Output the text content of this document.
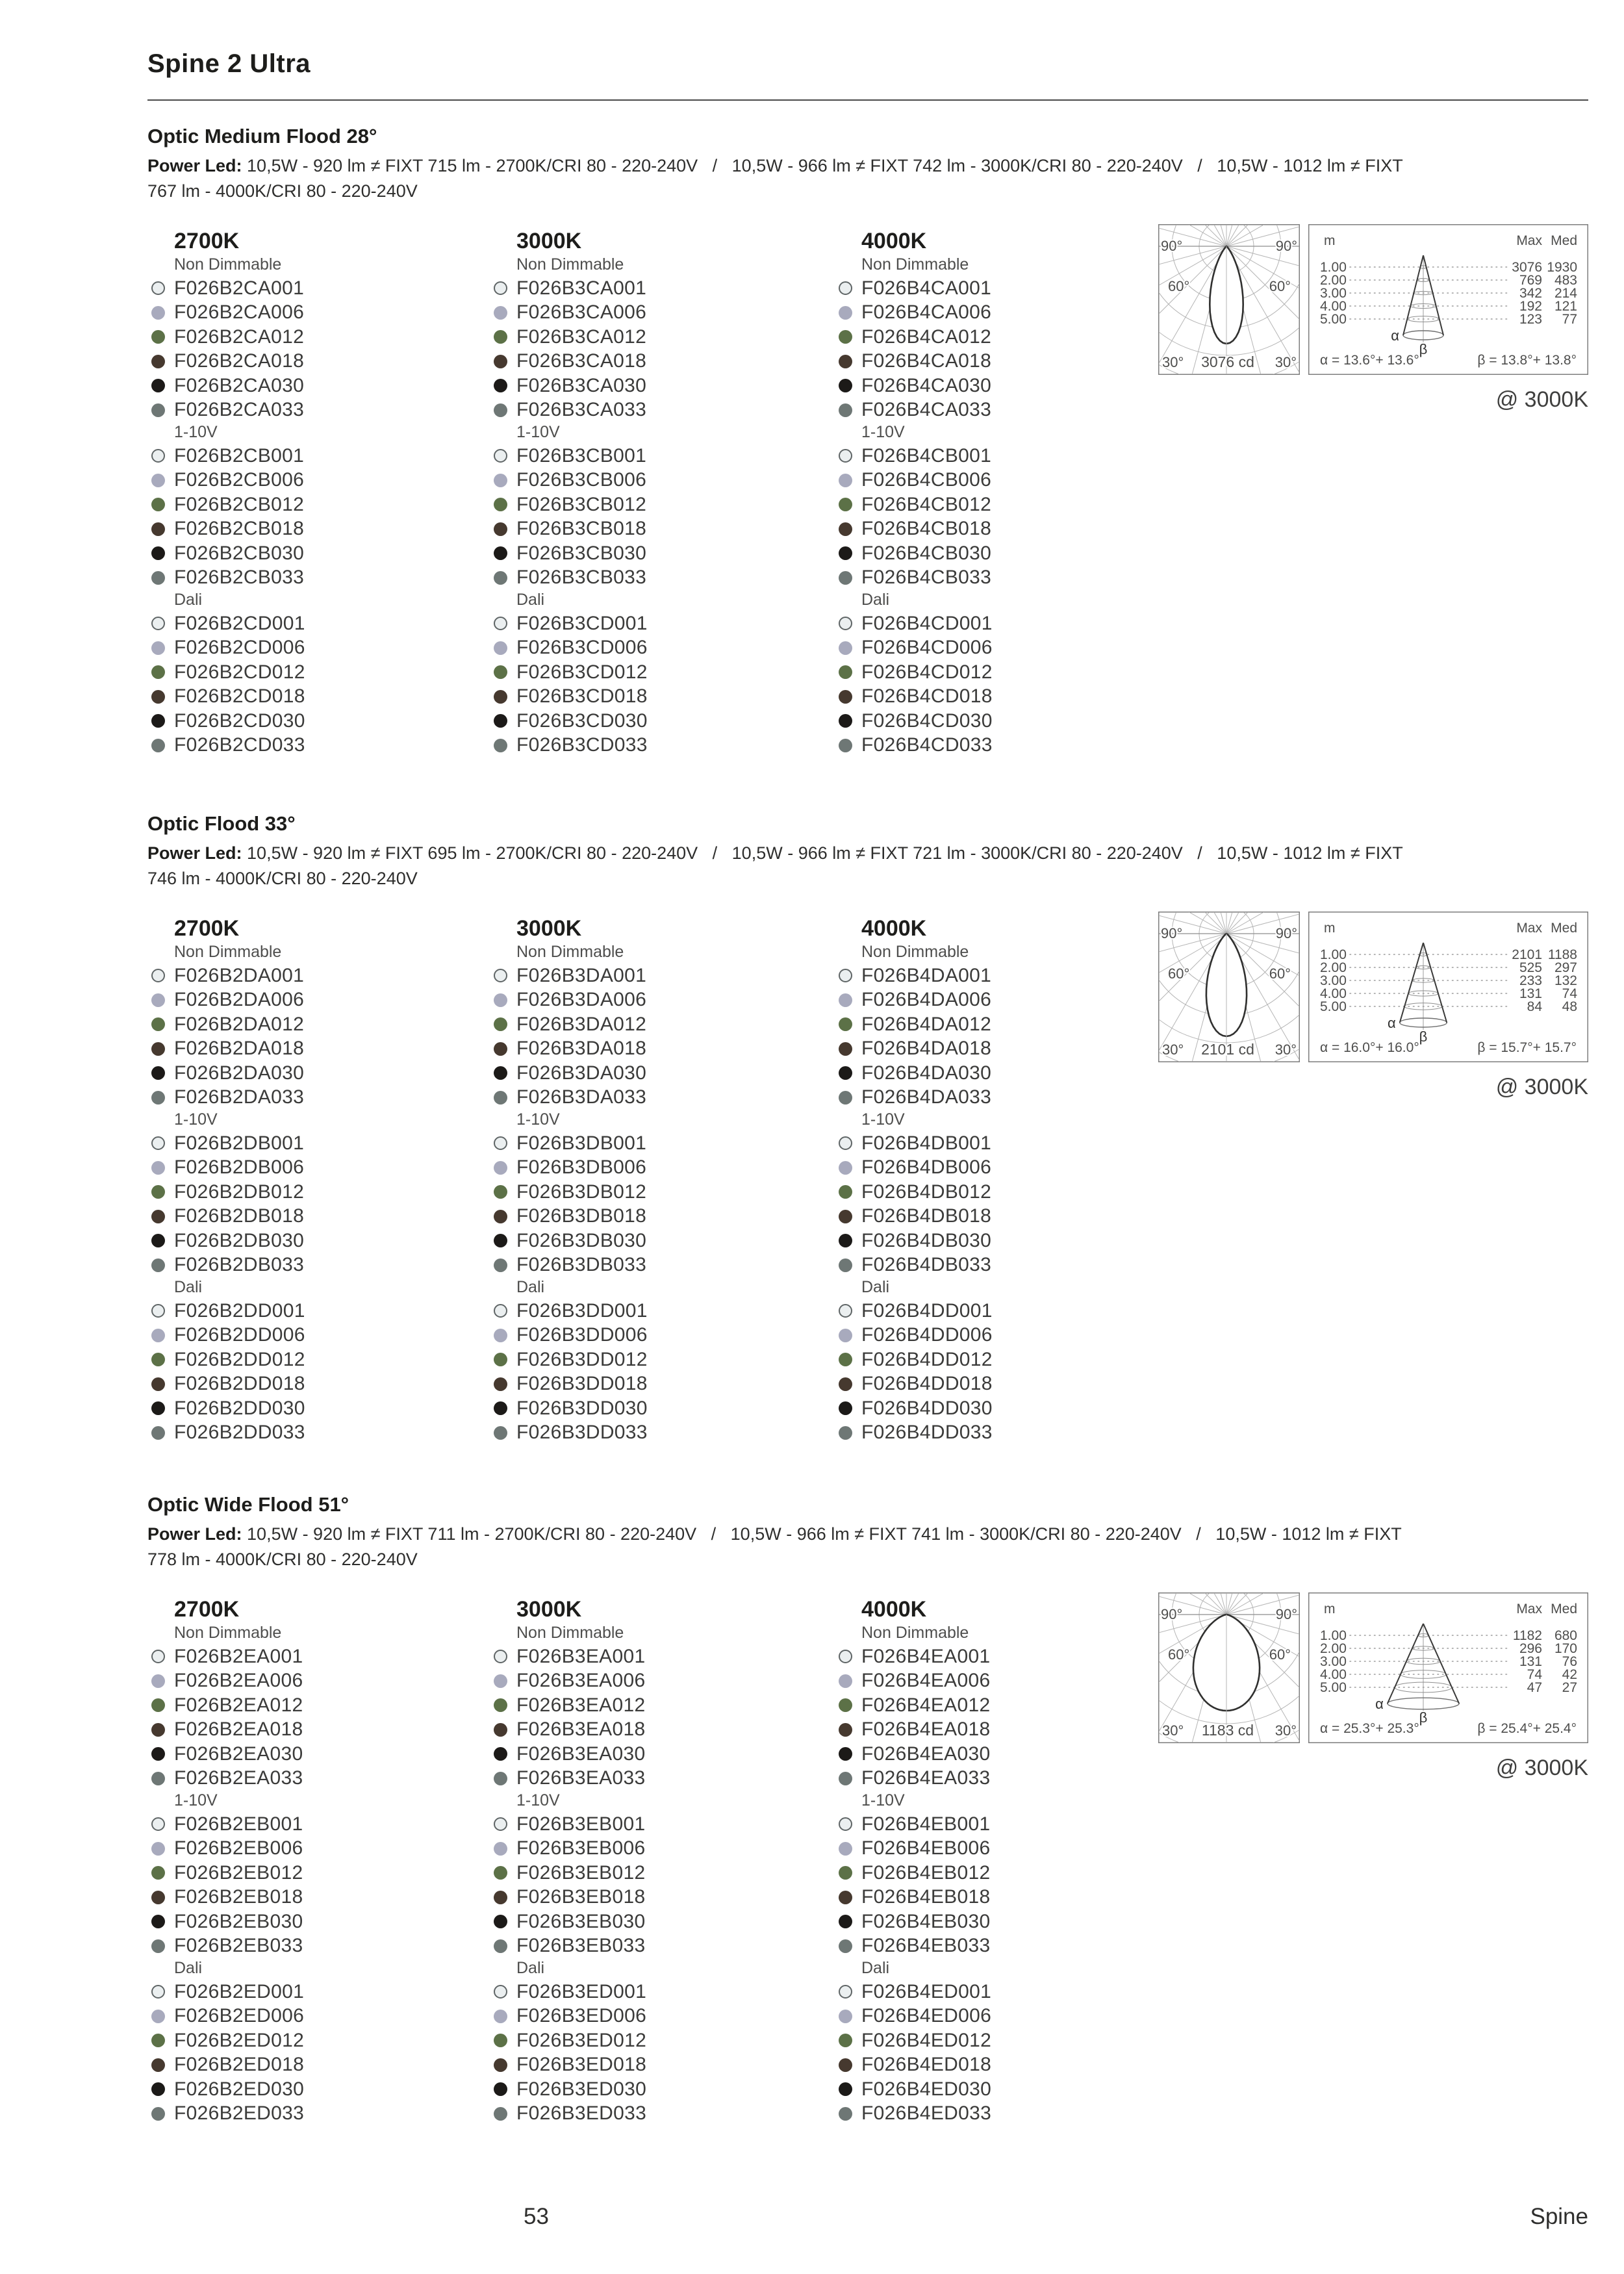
Spine 2 Ultra
Optic Medium Flood 28°
Power Led: 10,5W - 920 lm ≠ FIXT 715 lm - 2700K/CRI 80 - 220-240V   /   10,5W - 966 lm ≠ FIXT 742 lm - 3000K/CRI 80 - 220-240V   /   10,5W - 1012 lm ≠ FIXT
767 lm - 4000K/CRI 80 - 220-240V
2700K
Non Dimmable
F026B2CA001
F026B2CA006
F026B2CA012
F026B2CA018
F026B2CA030
F026B2CA033
1-10V
F026B2CB001
F026B2CB006
F026B2CB012
F026B2CB018
F026B2CB030
F026B2CB033
Dali
F026B2CD001
F026B2CD006
F026B2CD012
F026B2CD018
F026B2CD030
F026B2CD033
3000K
Non Dimmable
F026B3CA001
F026B3CA006
F026B3CA012
F026B3CA018
F026B3CA030
F026B3CA033
1-10V
F026B3CB001
F026B3CB006
F026B3CB012
F026B3CB018
F026B3CB030
F026B3CB033
Dali
F026B3CD001
F026B3CD006
F026B3CD012
F026B3CD018
F026B3CD030
F026B3CD033
4000K
Non Dimmable
F026B4CA001
F026B4CA006
F026B4CA012
F026B4CA018
F026B4CA030
F026B4CA033
1-10V
F026B4CB001
F026B4CB006
F026B4CB012
F026B4CB018
F026B4CB030
F026B4CB033
Dali
F026B4CD001
F026B4CD006
F026B4CD012
F026B4CD018
F026B4CD030
F026B4CD033
90°	90°
60°	60°
30°	30°
3076 cd
m	Max Med
1.00	3076 1930
2.00	769 483
3.00	342 214
4.00	192 121
5.00	123 77
α
β
α = 13.6°+ 13.6°	β = 13.8°+ 13.8°
@ 3000K
Optic Flood 33°
Power Led: 10,5W - 920 lm ≠ FIXT 695 lm - 2700K/CRI 80 - 220-240V   /   10,5W - 966 lm ≠ FIXT 721 lm - 3000K/CRI 80 - 220-240V   /   10,5W - 1012 lm ≠ FIXT
746 lm - 4000K/CRI 80 - 220-240V
2700K
Non Dimmable
F026B2DA001
F026B2DA006
F026B2DA012
F026B2DA018
F026B2DA030
F026B2DA033
1-10V
F026B2DB001
F026B2DB006
F026B2DB012
F026B2DB018
F026B2DB030
F026B2DB033
Dali
F026B2DD001
F026B2DD006
F026B2DD012
F026B2DD018
F026B2DD030
F026B2DD033
3000K
Non Dimmable
F026B3DA001
F026B3DA006
F026B3DA012
F026B3DA018
F026B3DA030
F026B3DA033
1-10V
F026B3DB001
F026B3DB006
F026B3DB012
F026B3DB018
F026B3DB030
F026B3DB033
Dali
F026B3DD001
F026B3DD006
F026B3DD012
F026B3DD018
F026B3DD030
F026B3DD033
4000K
Non Dimmable
F026B4DA001
F026B4DA006
F026B4DA012
F026B4DA018
F026B4DA030
F026B4DA033
1-10V
F026B4DB001
F026B4DB006
F026B4DB012
F026B4DB018
F026B4DB030
F026B4DB033
Dali
F026B4DD001
F026B4DD006
F026B4DD012
F026B4DD018
F026B4DD030
F026B4DD033
90°	90°
60°	60°
30°	30°
2101 cd
m	Max Med
1.00	2101 1188
2.00	525 297
3.00	233 132
4.00	131 74
5.00	84 48
α
β
α = 16.0°+ 16.0°	β = 15.7°+ 15.7°
@ 3000K
Optic Wide Flood 51°
Power Led: 10,5W - 920 lm ≠ FIXT 711 lm - 2700K/CRI 80 - 220-240V   /   10,5W - 966 lm ≠ FIXT 741 lm - 3000K/CRI 80 - 220-240V   /   10,5W - 1012 lm ≠ FIXT
778 lm - 4000K/CRI 80 - 220-240V
2700K
Non Dimmable
F026B2EA001
F026B2EA006
F026B2EA012
F026B2EA018
F026B2EA030
F026B2EA033
1-10V
F026B2EB001
F026B2EB006
F026B2EB012
F026B2EB018
F026B2EB030
F026B2EB033
Dali
F026B2ED001
F026B2ED006
F026B2ED012
F026B2ED018
F026B2ED030
F026B2ED033
3000K
Non Dimmable
F026B3EA001
F026B3EA006
F026B3EA012
F026B3EA018
F026B3EA030
F026B3EA033
1-10V
F026B3EB001
F026B3EB006
F026B3EB012
F026B3EB018
F026B3EB030
F026B3EB033
Dali
F026B3ED001
F026B3ED006
F026B3ED012
F026B3ED018
F026B3ED030
F026B3ED033
4000K
Non Dimmable
F026B4EA001
F026B4EA006
F026B4EA012
F026B4EA018
F026B4EA030
F026B4EA033
1-10V
F026B4EB001
F026B4EB006
F026B4EB012
F026B4EB018
F026B4EB030
F026B4EB033
Dali
F026B4ED001
F026B4ED006
F026B4ED012
F026B4ED018
F026B4ED030
F026B4ED033
90°	90°
60°	60°
30°	30°
1183 cd
m	Max Med
1.00	1182 680
2.00	296 170
3.00	131 76
4.00	74 42
5.00	47 27
α
β
α = 25.3°+ 25.3°	β = 25.4°+ 25.4°
@ 3000K
53	Spine
